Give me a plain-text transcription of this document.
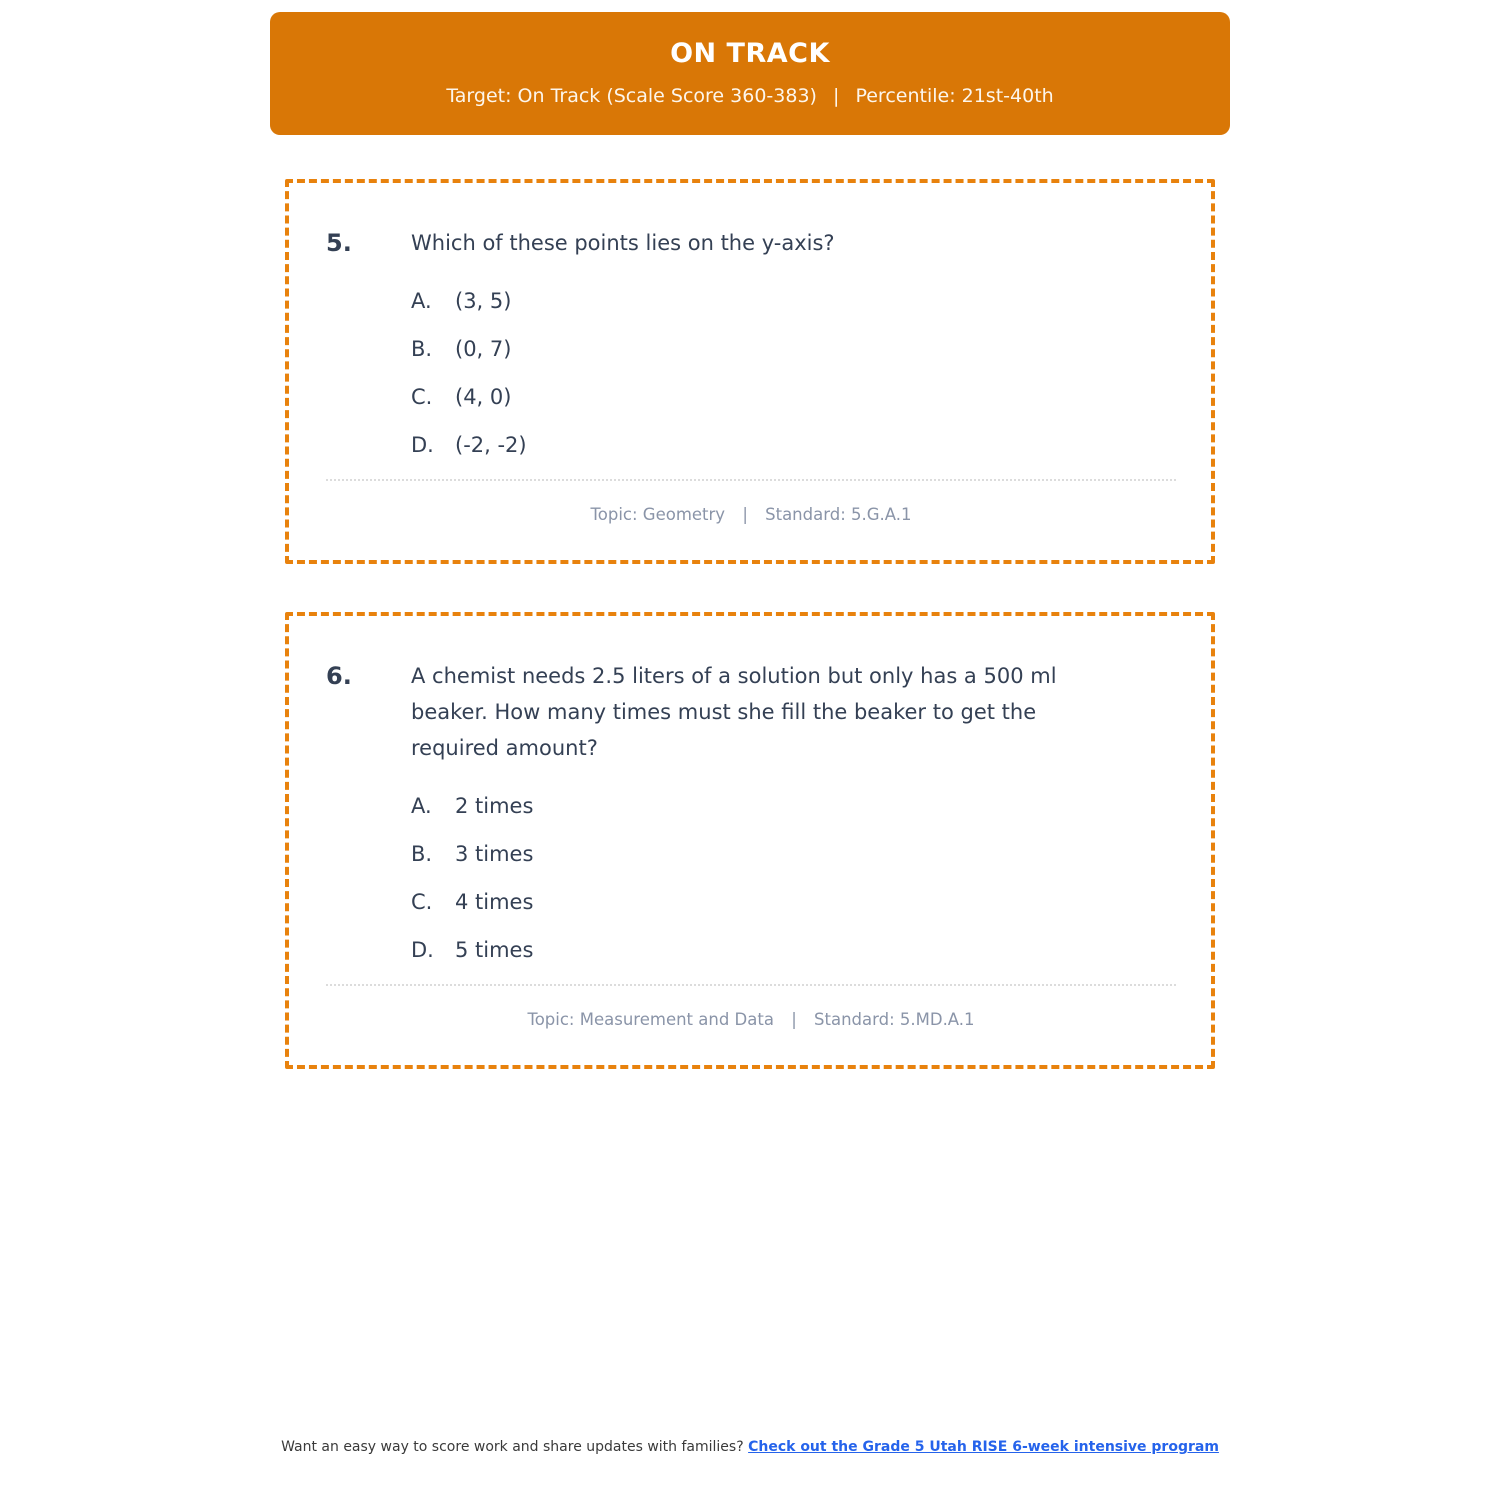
ON TRACK
Target: On Track (Scale Score 360-383) | Percentile: 21st-40th
5.	Which of these points lies on the y-axis?
A.	(3, 5)
B.	(0, 7)
C.	(4, 0)
D.	(-2, -2)
Topic: Geometry | Standard: 5.G.A.1
6.	A chemist needs 2.5 liters of a solution but only has a 500 ml beaker. How many times must she fill the beaker to get the required amount?
A.	2 times
B.	3 times
C.	4 times
D.	5 times
Topic: Measurement and Data | Standard: 5.MD.A.1
Want an easy way to score work and share updates with families? Check out the Grade 5 Utah RISE 6-week intensive program
